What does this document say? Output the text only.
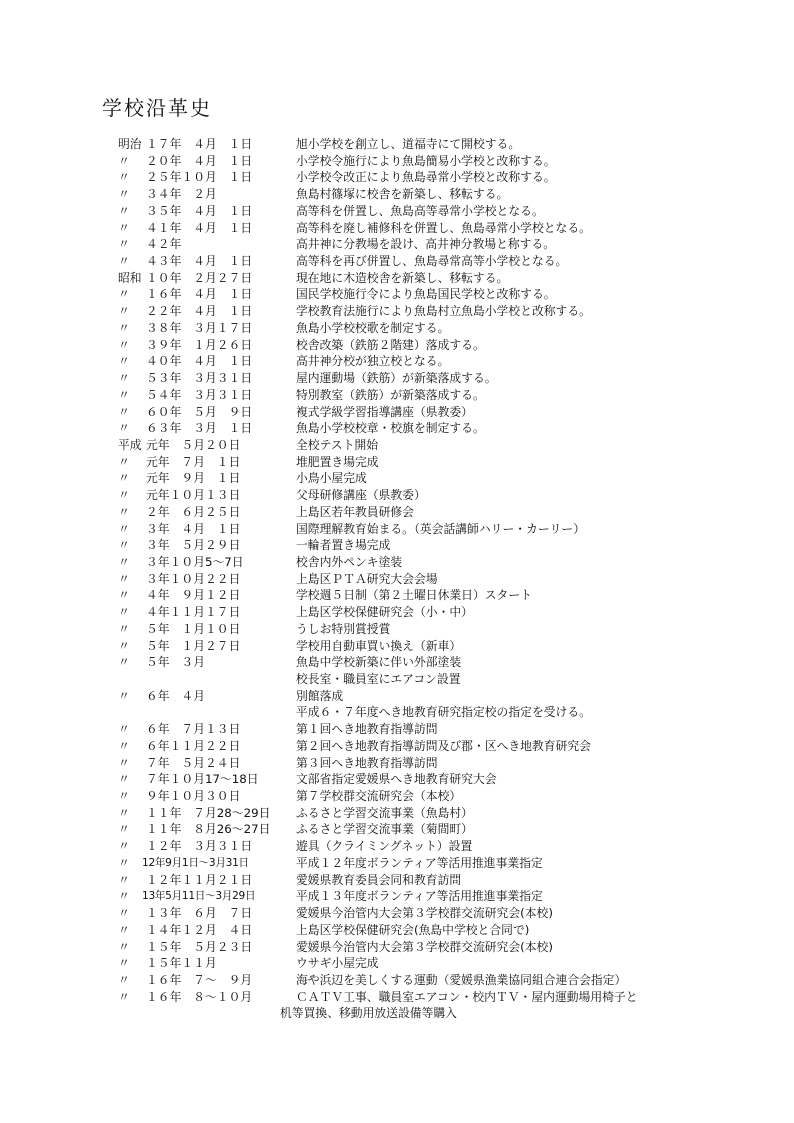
学校沿革史
明治 １７年　４月　１日	旭小学校を創立し、道福寺にて開校する。
〃 ２０年　４月　１日	小学校令施行により魚島簡易小学校と改称する。
〃 ２５年１０月　１日	小学校令改正により魚島尋常小学校と改称する。
〃 ３４年　２月	魚島村篠塚に校舎を新築し、移転する。
〃 ３５年　４月　１日	高等科を併置し、魚島高等尋常小学校となる。
〃 ４１年　４月　１日	高等科を廃し補修科を併置し、魚島尋常小学校となる。
〃 ４２年	高井神に分教場を設け、高井神分教場と称する。
〃 ４３年　４月　１日	高等科を再び併置し、魚島尋常高等小学校となる。
昭和 １０年　２月２７日	現在地に木造校舎を新築し、移転する。
〃 １６年　４月　１日	国民学校施行令により魚島国民学校と改称する。
〃 ２２年　４月　１日	学校教育法施行により魚島村立魚島小学校と改称する。
〃 ３８年　３月１７日	魚島小学校校歌を制定する。
〃 ３９年　１月２６日	校舎改築（鉄筋２階建）落成する。
〃 ４０年　４月　１日	高井神分校が独立校となる。
〃 ５３年　３月３１日	屋内運動場（鉄筋）が新築落成する。
〃 ５４年　３月３１日	特別教室（鉄筋）が新築落成する。
〃 ６０年　５月　９日	複式学級学習指導講座（県教委）
〃 ６３年　３月　１日	魚島小学校校章・校旗を制定する。
平成 元年　５月２０日	全校テスト開始
〃 元年　７月　１日	堆肥置き場完成
〃 元年　９月　１日	小鳥小屋完成
〃 元年１０月１３日	父母研修講座（県教委）
〃 ２年　６月２５日	上島区若年教員研修会
〃 ３年　４月　１日	国際理解教育始まる。（英会話講師ハリー・カーリー）
〃 ３年　５月２９日	一輪者置き場完成
〃 ３年１０月5～7日	校舎内外ペンキ塗装
〃 ３年１０月２２日	上島区ＰＴＡ研究大会会場
〃 ４年　９月１２日	学校週５日制（第２土曜日休業日）スタート
〃 ４年１１月１７日	上島区学校保健研究会（小・中）
〃 ５年　１月１０日	うしお特別賞授賞
〃 ５年　１月２７日	学校用自動車買い換え（新車）
〃 ５年　３月	魚島中学校新築に伴い外部塗装
校長室・職員室にエアコン設置
〃 ６年　４月	別館落成
平成６・７年度へき地教育研究指定校の指定を受ける。
〃 ６年　７月１３日	第１回へき地教育指導訪問
〃 ６年１１月２２日	第２回へき地教育指導訪問及び郡・区へき地教育研究会
〃 ７年　５月２４日	第３回へき地教育指導訪問
〃 ７年１０月17～18日	文部省指定愛媛県へき地教育研究大会
〃 ９年１０月３０日	第７学校群交流研究会（本校）
〃 １１年　７月28～29日	ふるさと学習交流事業（魚島村）
〃 １１年　８月26～27日	ふるさと学習交流事業（菊間町）
〃 １２年　３月３１日	遊具（クライミングネット）設置
〃 12年9月1日～3月31日	平成１２年度ボランティア等活用推進事業指定
〃 １２年１１月２１日	愛媛県教育委員会同和教育訪問
〃 13年5月11日～3月29日	平成１３年度ボランティア等活用推進事業指定
〃 １３年　６月　７日	愛媛県今治管内大会第３学校群交流研究会(本校)
〃 １４年１２月　４日	上島区学校保健研究会(魚島中学校と合同で)
〃 １５年　５月２３日	愛媛県今治管内大会第３学校群交流研究会(本校)
〃 １５年１１月	ウサギ小屋完成
〃 １６年　７～　９月	海や浜辺を美しくする運動（愛媛県漁業協同組合連合会指定）
〃 １６年　８～１０月	ＣＡＴＶ工事、職員室エアコン・校内ＴＶ・屋内運動場用椅子と
机等買換、移動用放送設備等購入
